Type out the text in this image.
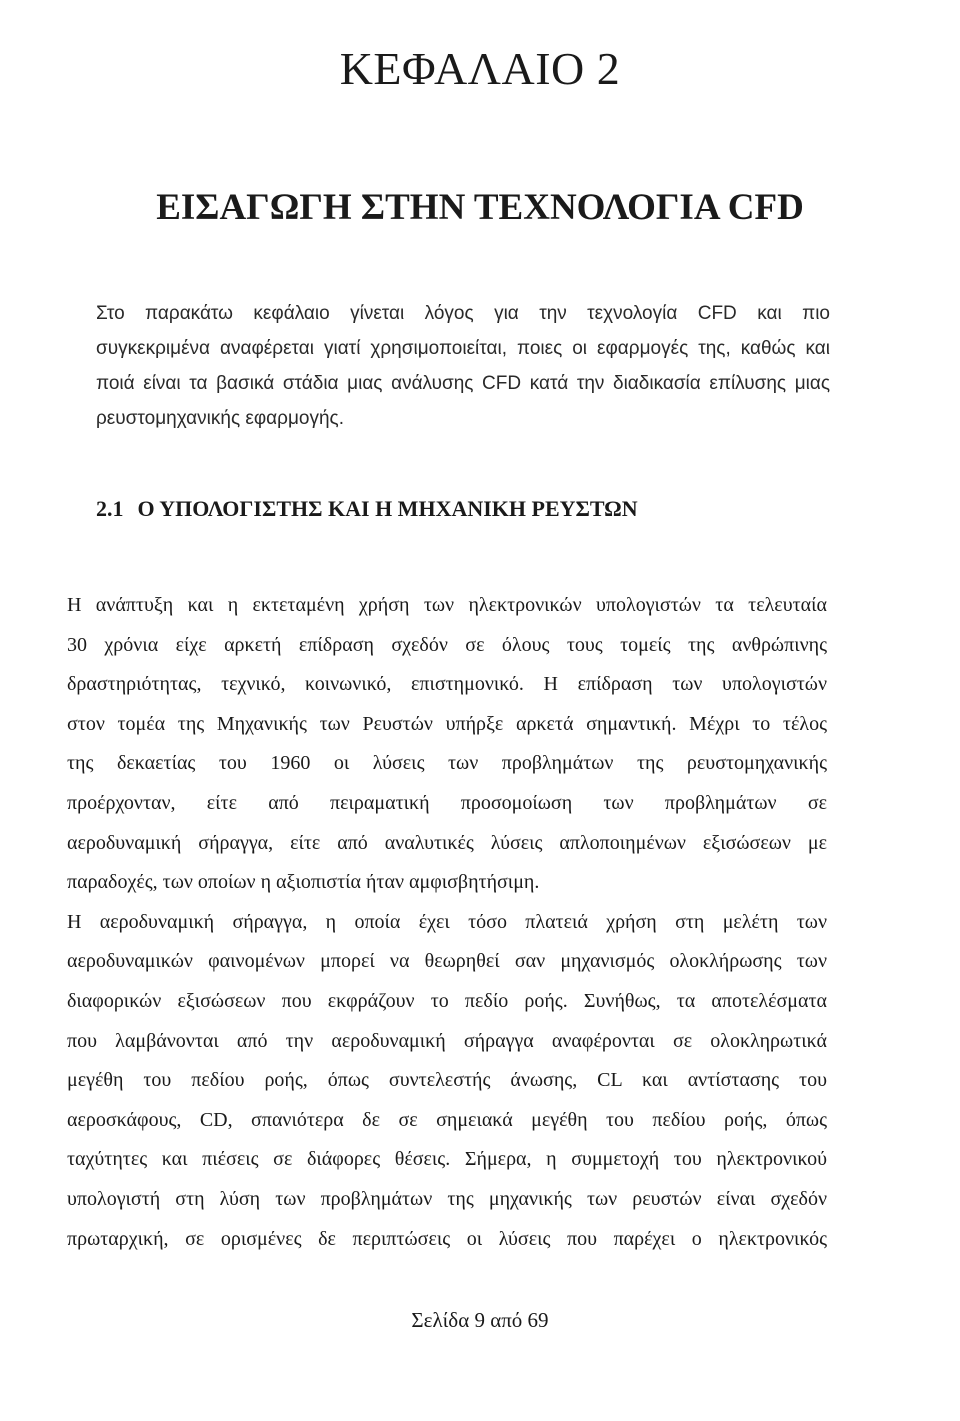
ΚΕΦΑΛΑΙΟ 2
ΕΙΣΑΓΩΓΗ ΣΤΗΝ ΤΕΧΝΟΛΟΓΙΑ CFD

Στο παρακάτω κεφάλαιο γίνεται λόγος για την τεχνολογία CFD και πιο
συγκεκριμένα αναφέρεται γιατί χρησιμοποιείται, ποιες οι εφαρμογές της, καθώς και
ποιά είναι τα βασικά στάδια μιας ανάλυσης CFD κατά την διαδικασία επίλυσης μιας
ρευστομηχανικής εφαρμογής.

2.1 Ο ΥΠΟΛΟΓΙΣΤΗΣ ΚΑΙ Η ΜΗΧΑΝΙΚΗ ΡΕΥΣΤΩΝ
Η ανάπτυξη και η εκτεταμένη χρήση των ηλεκτρονικών υπολογιστών τα τελευταία
30 χρόνια είχε αρκετή επίδραση σχεδόν σε όλους τους τομείς της ανθρώπινης
δραστηριότητας, τεχνικό, κοινωνικό, επιστημονικό. Η επίδραση των υπολογιστών
στον τομέα της Μηχανικής των Ρευστών υπήρξε αρκετά σημαντική. Μέχρι το τέλος
της δεκαετίας του 1960 οι λύσεις των προβλημάτων της ρευστομηχανικής
προέρχονταν, είτε από πειραματική προσομοίωση των προβλημάτων σε
αεροδυναμική σήραγγα, είτε από αναλυτικές λύσεις απλοποιημένων εξισώσεων με
παραδοχές, των οποίων η αξιοπιστία ήταν αμφισβητήσιμη.
Η αεροδυναμική σήραγγα, η οποία έχει τόσο πλατειά χρήση στη μελέτη των
αεροδυναμικών φαινομένων μπορεί να θεωρηθεί σαν μηχανισμός ολοκλήρωσης των
διαφορικών εξισώσεων που εκφράζουν το πεδίο ροής. Συνήθως, τα αποτελέσματα
που λαμβάνονται από την αεροδυναμική σήραγγα αναφέρονται σε ολοκληρωτικά
μεγέθη του πεδίου ροής, όπως συντελεστής άνωσης, CL και αντίστασης του
αεροσκάφους, CD, σπανιότερα δε σε σημειακά μεγέθη του πεδίου ροής, όπως
ταχύτητες και πιέσεις σε διάφορες θέσεις. Σήμερα, η συμμετοχή του ηλεκτρονικού
υπολογιστή στη λύση των προβλημάτων της μηχανικής των ρευστών είναι σχεδόν
πρωταρχική, σε ορισμένες δε περιπτώσεις οι λύσεις που παρέχει ο ηλεκτρονικός

Σελίδα 9 από 69
